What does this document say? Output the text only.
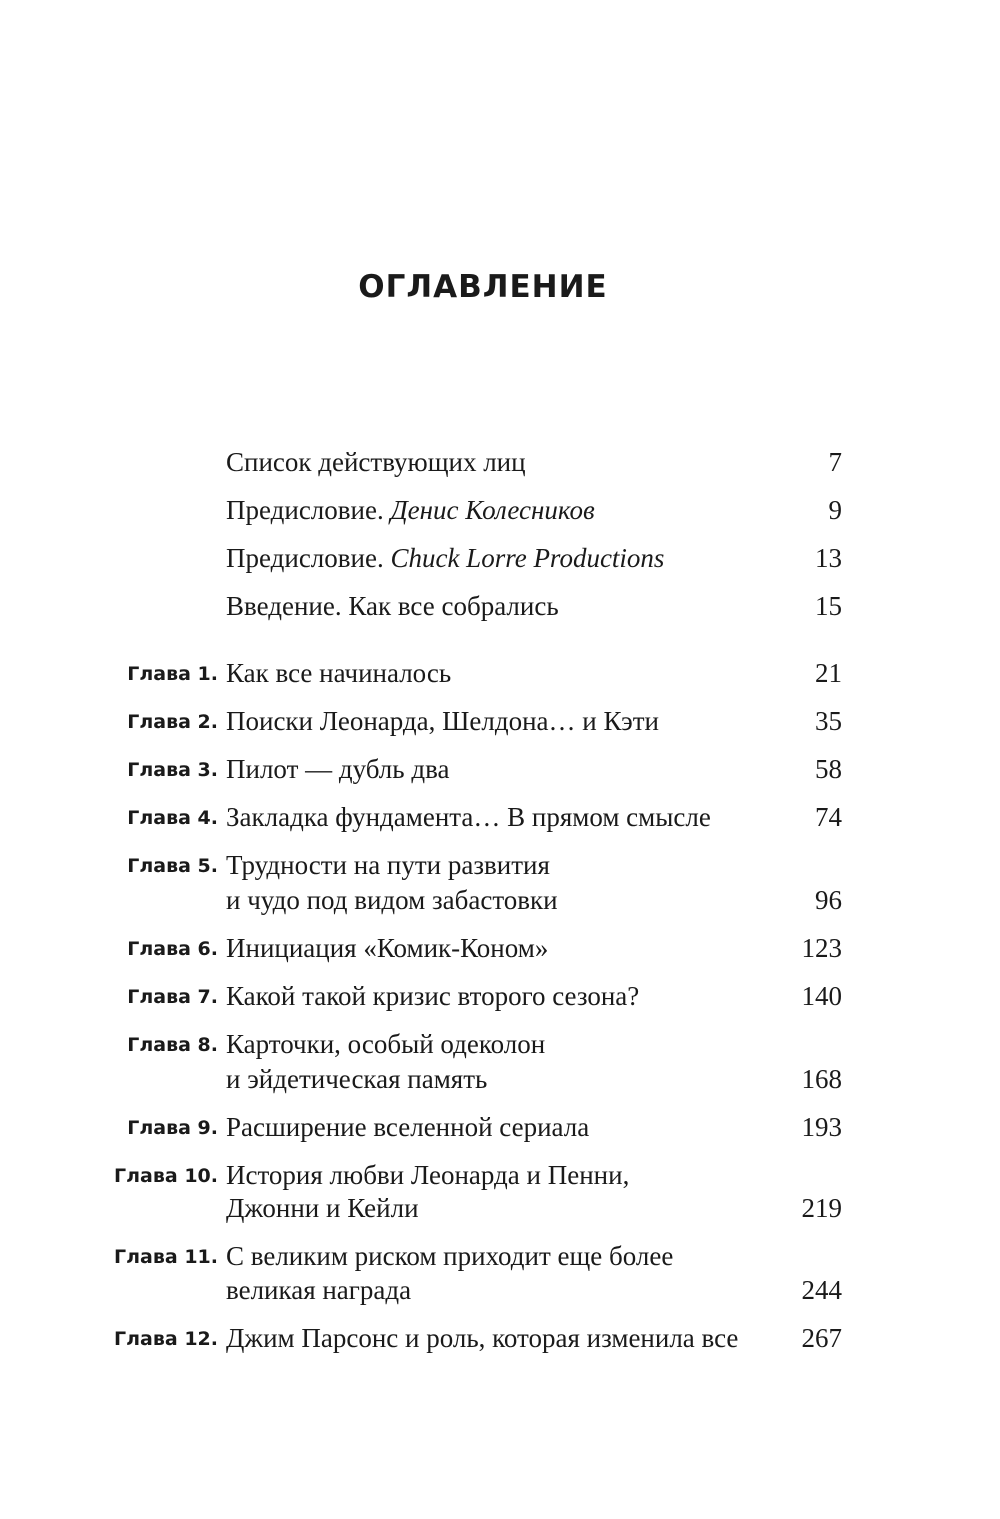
ОГЛАВЛЕНИЕ
Список действующих лиц	7
Предисловие. Денис Колесников	9
Предисловие. Chuck Lorre Productions	13
Введение. Как все собрались	15
Глава 1. Как все начиналось	21
Глава 2. Поиски Леонарда, Шелдона… и Кэти	35
Глава 3. Пилот — дубль два	58
Глава 4. Закладка фундамента… В прямом смысле	74
Глава 5. Трудности на пути развития
и чудо под видом забастовки	96
Глава 6. Инициация «Комик-Коном»	123
Глава 7. Какой такой кризис второго сезона?	140
Глава 8. Карточки, особый одеколон
и эйдетическая память	168
Глава 9. Расширение вселенной сериала	193
Глава 10. История любви Леонарда и Пенни,
Джонни и Кейли	219
Глава 11. С великим риском приходит еще более
великая награда	244
Глава 12. Джим Парсонс и роль, которая изменила все	267
